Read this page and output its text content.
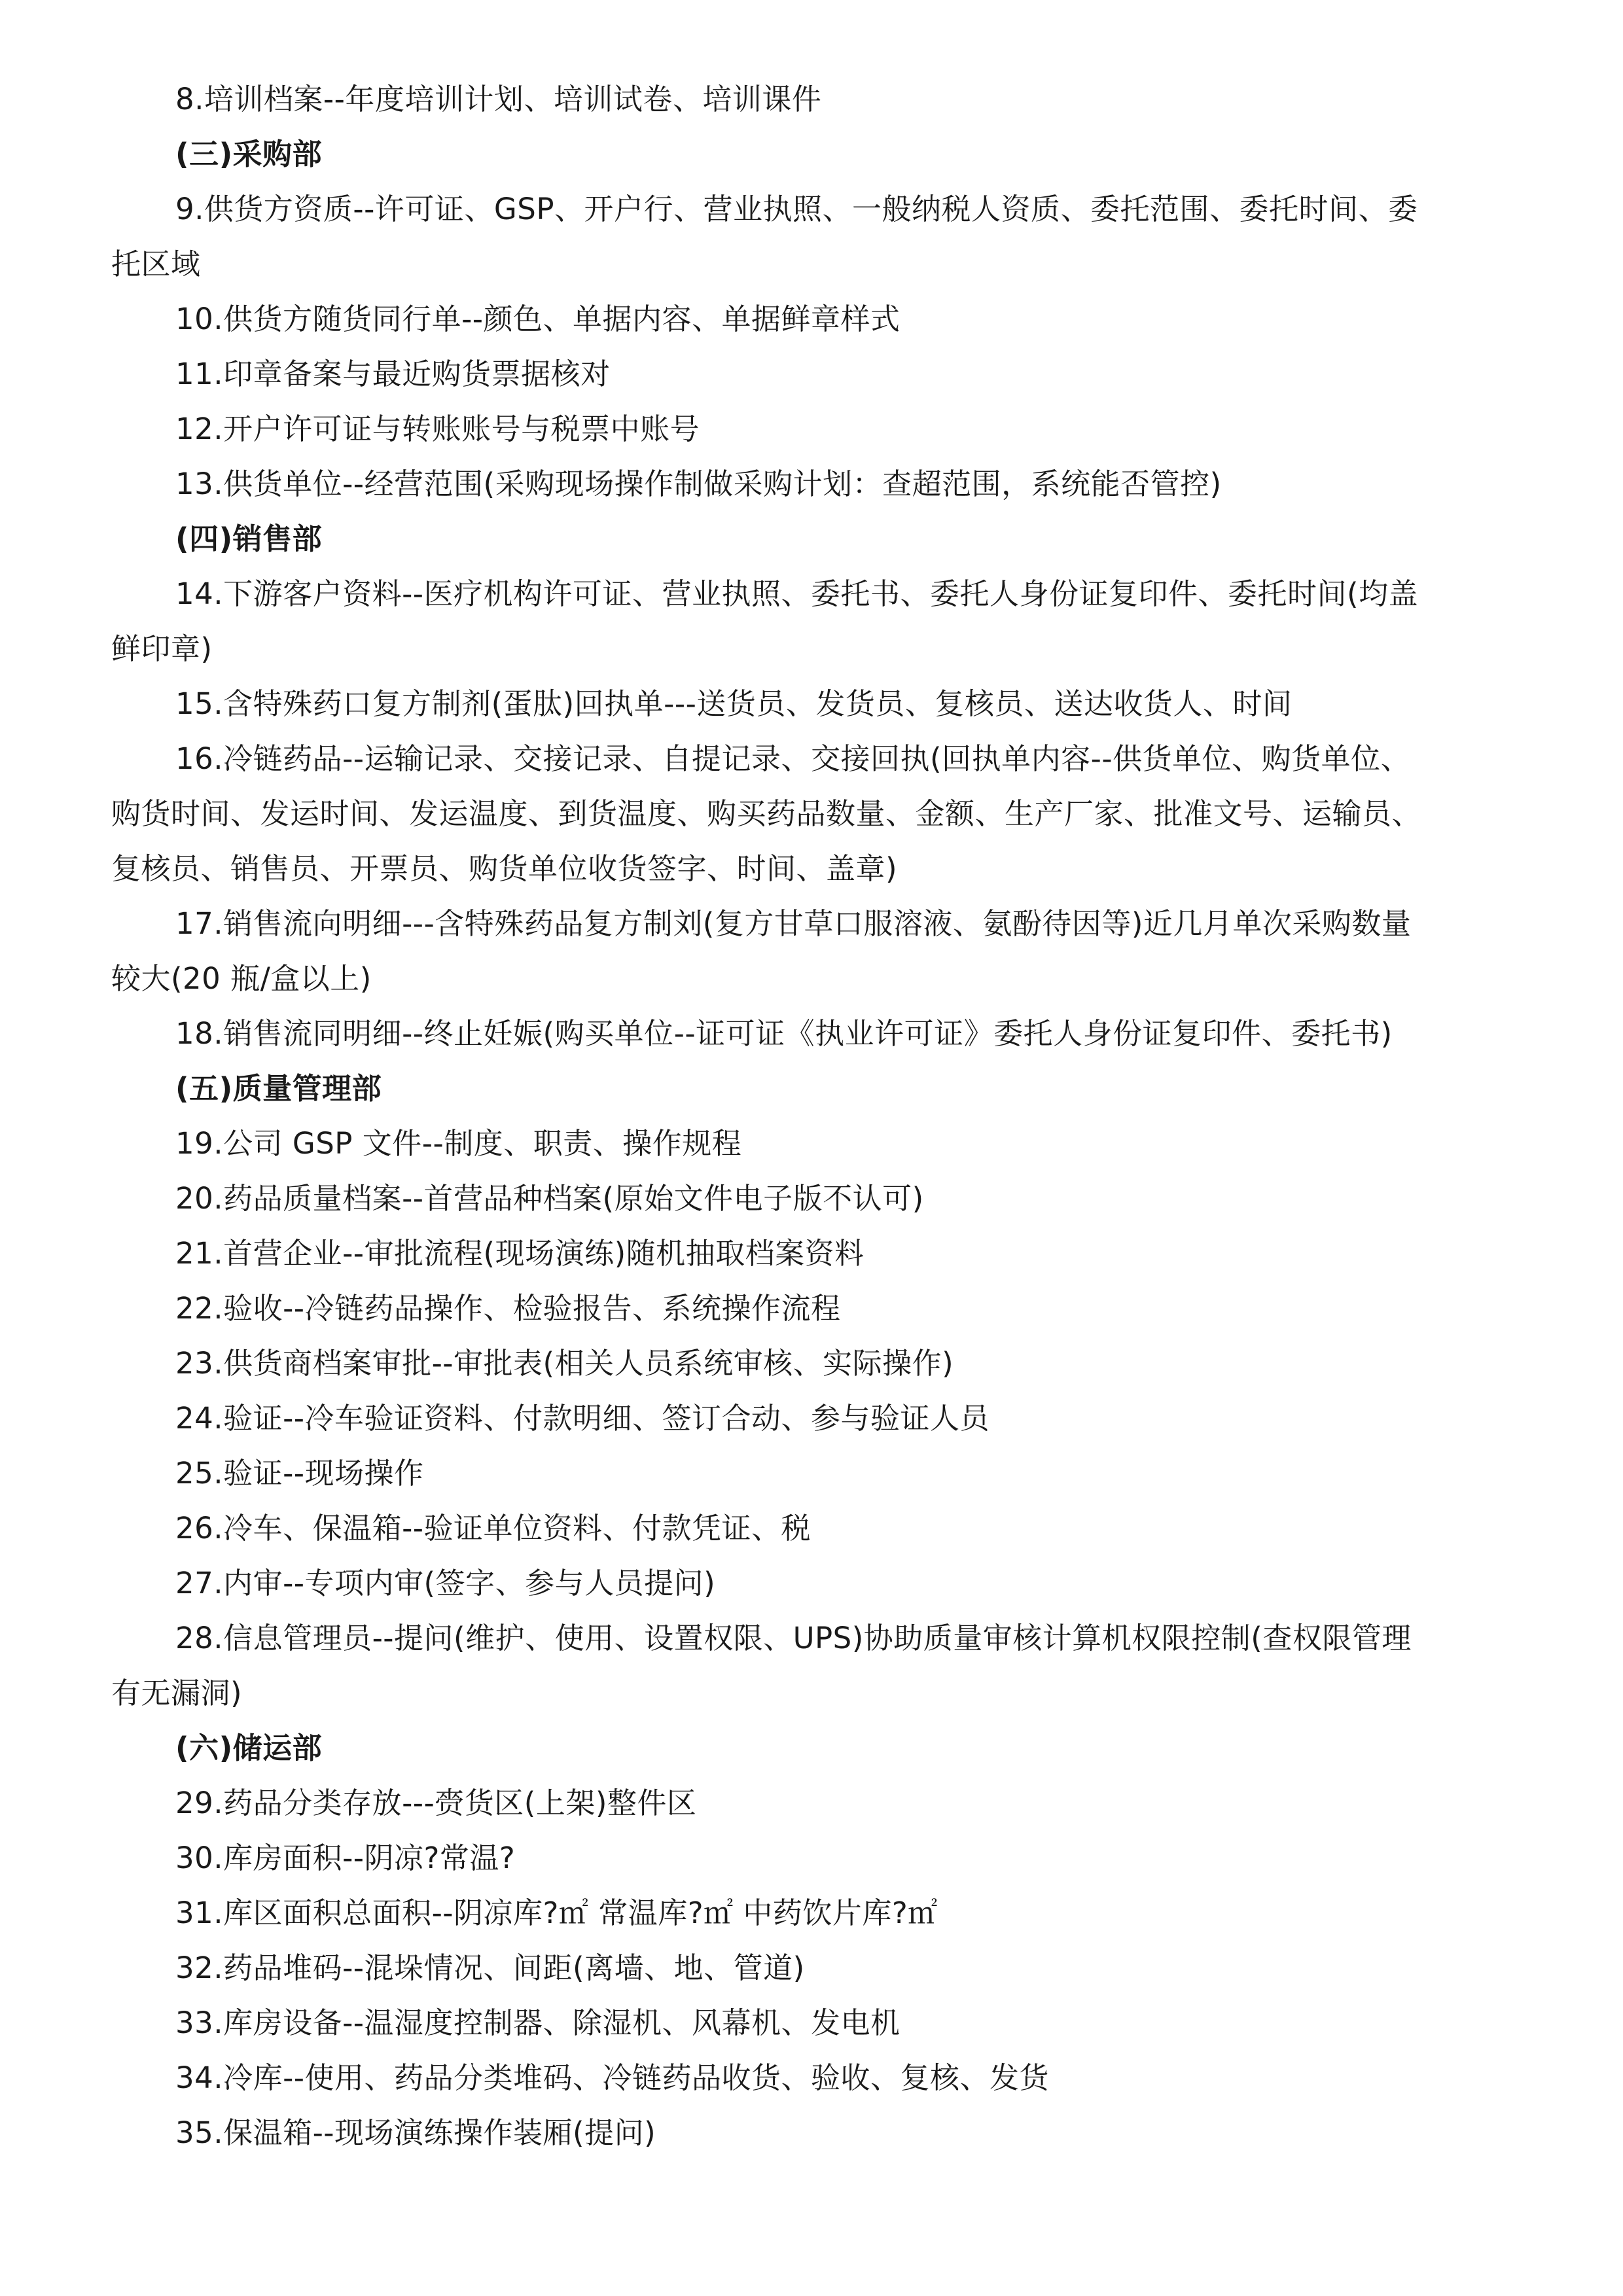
8.培训档案--年度培训计划、培训试卷、培训课件
(三)采购部
9.供货方资质--许可证、GSP、开户行、营业执照、一般纳税人资质、委托范围、委托时间、委
托区域
10.供货方随货同行单--颜色、单据内容、单据鲜章样式
11.印章备案与最近购货票据核对
12.开户许可证与转账账号与税票中账号
13.供货单位--经营范围(采购现场操作制做采购计划：查超范围，系统能否管控)
(四)销售部
14.下游客户资料--医疗机构许可证、营业执照、委托书、委托人身份证复印件、委托时间(均盖
鲜印章)
15.含特殊药口复方制剂(蛋肽)回执单---送货员、发货员、复核员、送达收货人、时间
16.冷链药品--运输记录、交接记录、自提记录、交接回执(回执单内容--供货单位、购货单位、
购货时间、发运时间、发运温度、到货温度、购买药品数量、金额、生产厂家、批准文号、运输员、
复核员、销售员、开票员、购货单位收货签字、时间、盖章)
17.销售流向明细---含特殊药品复方制刘(复方甘草口服溶液、氨酚待因等)近几月单次采购数量
较大(20 瓶/盒以上)
18.销售流同明细--终止妊娠(购买单位--证可证《执业许可证》委托人身份证复印件、委托书)
(五)质量管理部
19.公司 GSP 文件--制度、职责、操作规程
20.药品质量档案--首营品种档案(原始文件电子版不认可)
21.首营企业--审批流程(现场演练)随机抽取档案资料
22.验收--冷链药品操作、检验报告、系统操作流程
23.供货商档案审批--审批表(相关人员系统审核、实际操作)
24.验证--冷车验证资料、付款明细、签订合动、参与验证人员
25.验证--现场操作
26.冷车、保温箱--验证单位资料、付款凭证、税
27.内审--专项内审(签字、参与人员提问)
28.信息管理员--提问(维护、使用、设置权限、UPS)协助质量审核计算机权限控制(查权限管理
有无漏洞)
(六)储运部
29.药品分类存放---赍货区(上架)整件区
30.库房面积--阴凉?常温?
31.库区面积总面积--阴凉库?㎡ 常温库?㎡ 中药饮片库?㎡
32.药品堆码--混垛情况、间距(离墙、地、管道)
33.库房设备--温湿度控制器、除湿机、风幕机、发电机
34.冷库--使用、药品分类堆码、冷链药品收货、验收、复核、发货
35.保温箱--现场演练操作装厢(提问)
